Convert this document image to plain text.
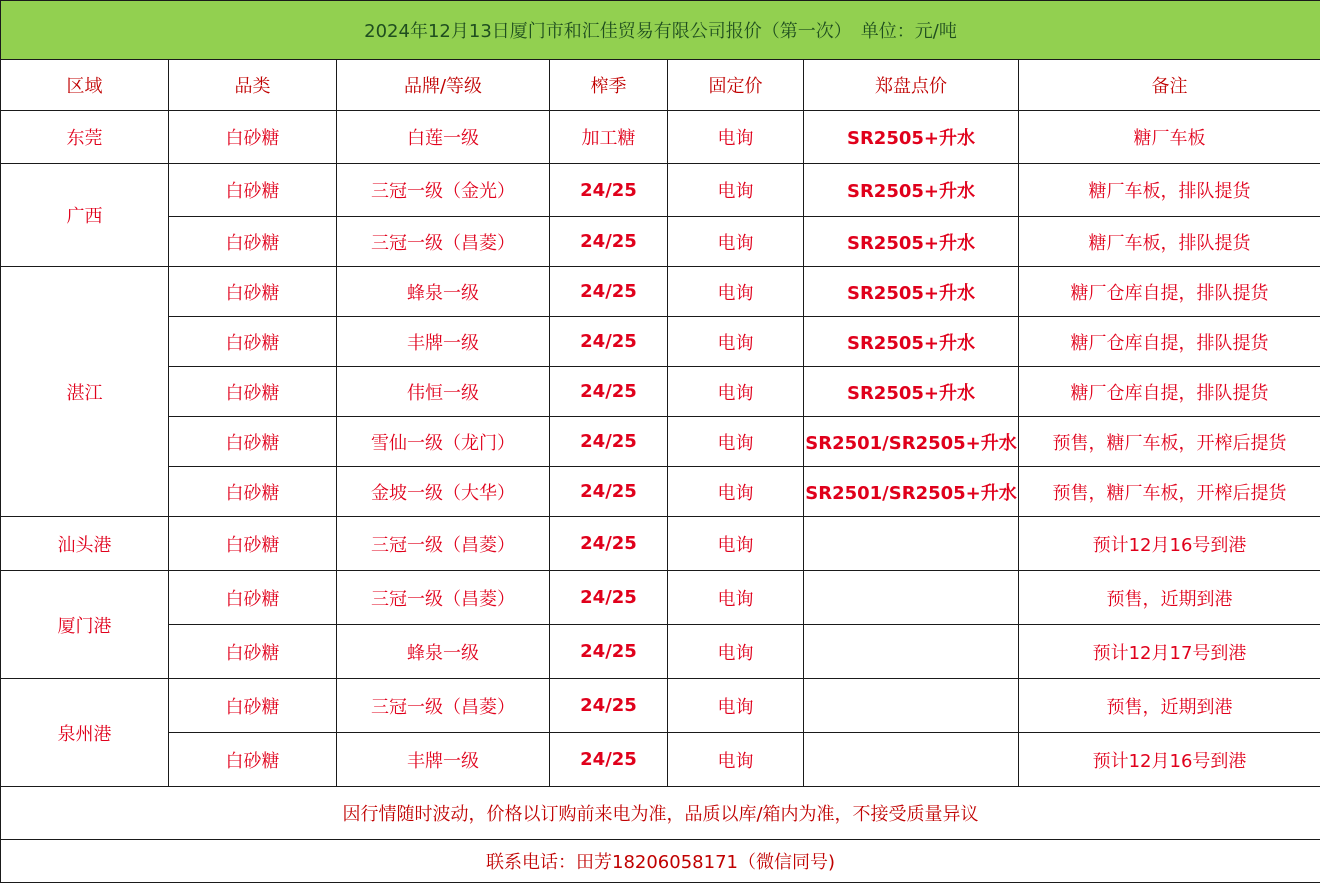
2024年12月13日厦门市和汇佳贸易有限公司报价（第一次）　单位：元/吨						
区域	品类	品牌/等级	榨季	固定价	郑盘点价	备注
东莞	白砂糖	白莲一级	加工糖	电询	SR2505+升水	糖厂车板
广西	白砂糖	三冠一级（金光）	24/25	电询	SR2505+升水	糖厂车板，排队提货
	白砂糖	三冠一级（昌菱）	24/25	电询	SR2505+升水	糖厂车板，排队提货
湛江	白砂糖	蜂泉一级	24/25	电询	SR2505+升水	糖厂仓库自提，排队提货
	白砂糖	丰牌一级	24/25	电询	SR2505+升水	糖厂仓库自提，排队提货
	白砂糖	伟恒一级	24/25	电询	SR2505+升水	糖厂仓库自提，排队提货
	白砂糖	雪仙一级（龙门）	24/25	电询	SR2501/SR2505+升水	预售，糖厂车板，开榨后提货
	白砂糖	金坡一级（大华）	24/25	电询	SR2501/SR2505+升水	预售，糖厂车板，开榨后提货
汕头港	白砂糖	三冠一级（昌菱）	24/25	电询		预计12月16号到港
厦门港	白砂糖	三冠一级（昌菱）	24/25	电询		预售，近期到港
	白砂糖	蜂泉一级	24/25	电询		预计12月17号到港
泉州港	白砂糖	三冠一级（昌菱）	24/25	电询		预售，近期到港
	白砂糖	丰牌一级	24/25	电询		预计12月16号到港
因行情随时波动，价格以订购前来电为准，品质以库/箱内为准，不接受质量异议						
联系电话：田芳18206058171（微信同号)						
